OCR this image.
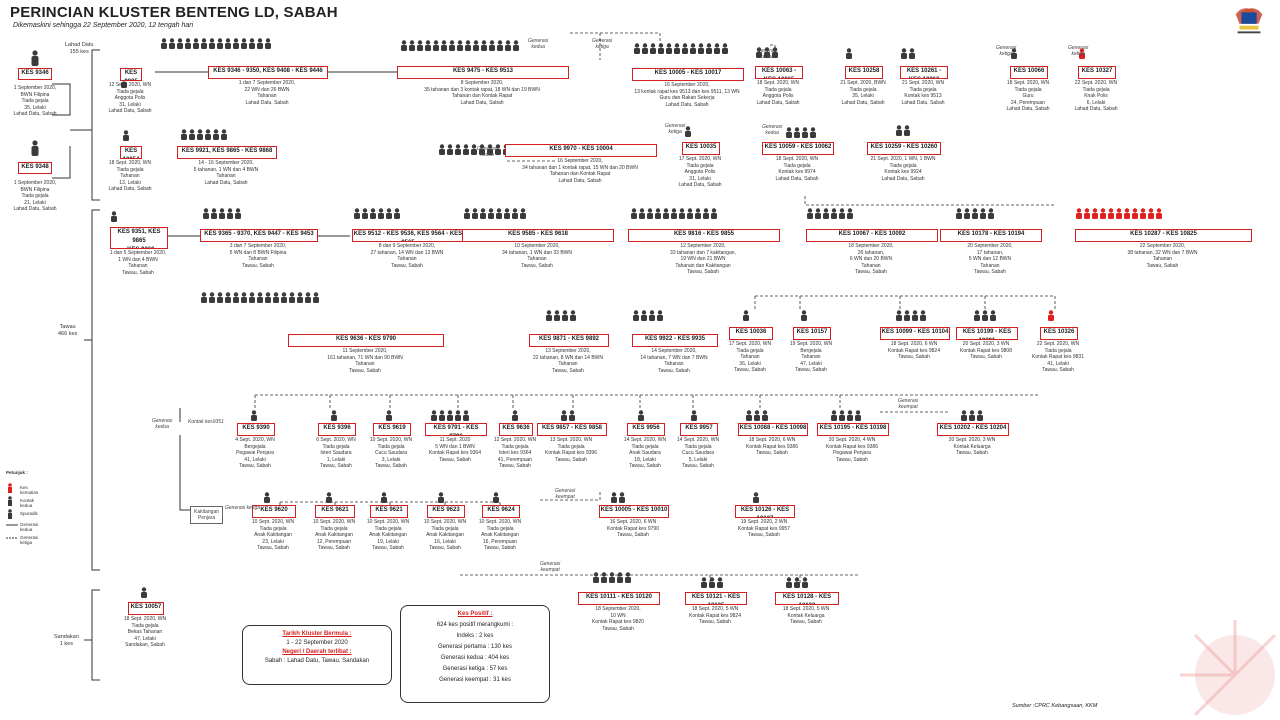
PERINCIAN KLUSTER BENTENG LD, SABAH
Dikemaskini sehingga 22 September 2020, 12 tengah hari
Lahad Datu
155 kes
Tawau
466 kes
Sandakan
1 kes
KES 9346
1 September 2020,
BWN Filipina
Tiada gejala
35, Lelaki
Lahad Datu, Sabah
KES 9348
1 September 2020,
BWN Filipina
Tiada gejala
21, Lelaki
Lahad Datu, Sabah
KES
12 Sept. 2020, WN
Tiada gejala
Anggota Polis
31, Lelaki
Lahad Datu, Sabah
KES 9346 - 9350, KES 9408 - KES 9446
1 dan 7 September 2020,
22 WN dan 26 BWN
Tahanan
Lahad Datu, Sabah
KES 9475 - KES 9513
8 September 2020,
35 tahanan dan 3 kontak rapat, 18 WN dan 19 BWN
Tahanan dan Kontak Rapat
Lahad Datu, Sabah
KES 10005 - KES 10017
16 September 2020,
13 kontak rapat kes 9513 dan kes 9511, 13 WN
Guru dan Rakan Sekerja
Lahad Datu, Sabah
KES 10063 -
18 Sept. 2020, WN
Tiada gejala
Anggota Polis
Lahad Datu, Sabah
KES 10258
21 Sept. 2020, BWN
Tiada gejala
35, Lelaki
Lahad Datu, Sabah
KES 10261 -
21 Sept. 2020, WN
Tiada gejala
Kontak kes 9513
Lahad Datu, Sabah
KES 10066
18 Sept. 2020, WN
Tiada gejala
Guru
24, Perempuan
Lahad Datu, Sabah
KES 10327
22 Sept. 2020, WN
Tiada gejala
Knak Polis
6, Lelaki
Lahad Datu, Sabah
KES
18 Sept. 2020, WN
Tiada gejala
Tahanan
13, Lelaki
Lahad Datu, Sabah
KES 9921, KES 9865 - KES 9868
14 - 16 September 2020,
5 tahanan, 1 WN dan 4 BWN
Tahanan
Lahad Datu, Sabah
KES 9970 - KES 10004
16 September 2020,
34 tahanan dan 1 kontak rapat, 15 WN dan 20 BWN
Tahanan dan Kontak Rapat
Lahad Datu, Sabah
KES 10035
17 Sept. 2020, WN
Tiada gejala
Anggota Polis
31, Lelaki
Lahad Datu, Sabah
KES 10059 - KES 10062
18 Sept. 2020, WN
Tiada gejala
Kontak kes 9974
Lahad Datu, Sabah
KES 10259 - KES 10260
21 Sept. 2020, 1 WN, 1 BWN
Tiada gejala
Kontak kes 9924
Lahad Datu, Sabah
KES 9351, KES 9865

1 dan 5 September 2020,
1 WN dan 4 BWN
Tahanan
Tawau, Sabah
KES 9365 - 9370, KES 9447 - KES 9453
3 dan 7 September 2020,
5 WN dan 8 BWN Filipina
Tahanan
Tawau, Sabah
KES 9512 - KES 9536, KES 9564 - KES
8 dan 9 September 2020,
27 tahanan, 14 WN dan 13 BWN
Tahanan
Tawau, Sabah
KES 9585 - KES 9618
10 September 2020,
34 tahanan, 1 WN dan 33 BWN
Tahanan
Tawau, Sabah
KES 9816 - KES 9855
12 September 2020,
33 tahanan dan 7 kakitangan,
19 WN dan 21 BWN
Tahanan dan Kakitangan
Tawau, Sabah
KES 10067 - KES 10092
18 September 2020,
26 tahanan,
6 WN dan 20 BWN
Tahanan
Tawau, Sabah
KES 10178 - KES 10194
20 September 2020,
17 tahanan,
5 WN dan 12 BWN
Tahanan
Tawau, Sabah
KES 10287 - KES 10825
22 September 2020,
38 tahanan, 32 WN dan 7 BWN
Tahanan
Tawau, Sabah
KES 9636 - KES 9790
11 September 2020,
161 tahanan, 71 WN dan 90 BWN
Tahanan
Tawau, Sabah
KES 9871 - KES 9892
13 September 2020,
22 tahanan, 8 WN dan 14 BWN
Tahanan
Tawau, Sabah
KES 9922 - KES 9935
14 September 2020,
14 tahanan, 7 WN dan 7 BWN
Tahanan
Tawau, Sabah
KES 10036
17 Sept. 2020, WN
Tiada gejala
Tahanan
36, Lelaki
Tawau, Sabah
KES 10157
19 Sept. 2020, WN
Bergejala
Tahanan
47, Lelaki
Tawau, Sabah
KES 10099 - KES 10104
18 Sept. 2020, 6 WN
Kontak Rapat kes 9824
Tawau, Sabah
KES 10199 - KES
20 Sept. 2020, 3 WN
Kontak Rapat kes 9808
Tawau, Sabah
KES 10326
22 Sept. 2020, WN
Tiada gejala
Kontak Rapat kes 9831
41, Lelaki
Tawau, Sabah
KES 9390
4 Sept. 2020, WN
Bergejala
Pegawai Penjara
41, Lelaki
Tawau, Sabah
KES 9396
6 Sept. 2020, WN
Tiada gejala
Isteri Saudara
1, Lelaki
Tawau, Sabah
KES 9619
10 Sept. 2020, WN
Tiada gejala
Cucu Saudara
3, Lelaki
Tawau, Sabah
KES 9791 - KES
11 Sept. 2020
5 WN dan 1 BWN
Kontak Rapat kes 9364
Tawau, Sabah
KES 9636
12 Sept. 2020, WN
Tiada gejala
Isteri kes 9364
41, Perempuan
Tawau, Sabah
KES 9857 - KES 9858
13 Sept. 2020, WN
Tiada gejala
Kontak Rapat kes 9396
Tawau, Sabah
KES 9956
14 Sept. 2020, WN
Tiada gejala
Anak Saudara
18, Lelaki
Tawau, Sabah
KES 9957
14 Sept. 2020, WN
Tiada gejala
Cucu Saudara
5, Lelaki
Tawau, Sabah
KES 10088 - KES 10098
18 Sept. 2020, 6 WN
Kontak Rapat kes 9386
Tawau, Sabah
KES 10195 - KES 10198
20 Sept. 2020, 4 WN
Kontak Rapat kes 9386
Pegawai Penjara
Tawau, Sabah
KES 10202 - KES 10204
20 Sept. 2020, 3 WN
Kontak Keluarga
Tawau, Sabah
KES 9620
10 Sept. 2020, WN
Tiada gejala
Anak Kakitangan
23, Lelaki
Tawau, Sabah
KES 9621
10 Sept. 2020, WN
Tiada gejala
Anak Kakitangan
12, Perempuan
Tawau, Sabah
KES 9621
10 Sept. 2020, WN
Tiada gejala
Anak Kakitangan
19, Lelaki
Tawau, Sabah
KES 9623
10 Sept. 2020, WN
Tiada gejala
Anak Kakitangan
16, Lelaki
Tawau, Sabah
KES 9624
10 Sept. 2020, WN
Tiada gejala
Anak Kakitangan
16, Perempuan
Tawau, Sabah
KES 10005 - KES 10010
16 Sept. 2020, 6 WN
Kontak Rapat kes 9790
Tawau, Sabah
KES 10126 - KES
19 Sept. 2020, 2 WN
Kontak Rapat kes 9957
Tawau, Sabah
KES 10057
18 Sept. 2020, WN
Tiada gejala
Bekas Tahanan
47, Lelaki
Sandakan, Sabah
KES 10111 - KES 10120
18 September 2020,
10 WN
Kontak Rapat kes 9820
Tawau, Sabah
KES 10121 - KES
18 Sept. 2020, 5 WN
Kontak Rapat kes 9824
Tawau, Sabah
KES 10128 - KES
18 Sept. 2020, 5 WN
Kontak Keluarga
Tawau, Sabah
Generasi
kedua
Generasi
ketiga
Generasi
kedua
Generasi
ketiga
Generasi
ketiga
Generasi
kedua
Generasi
ketiga
Generasi
kedua
Generasi
kedua
Kontak kes9351
Generasi ketiga
Generasi
keempat
Generasi
keempat
Generasi
keempat
Kakitangan
Penjara
Petunjuk :
Kes kematian
Kontak kedua
Sporadik
Generasi kedua
Generasi ketiga
Tarikh Kluster Bermula :
1 - 22 September 2020
Negeri / Daerah terlibat :
Sabah : Lahad Datu, Tawau, Sandakan
Kes Positif :
624 kes positif merangkumi :
Indeks : 2 kes
Generasi pertama : 130 kes
Generasi kedua : 404 kes
Generasi ketiga : 57 kes
Generasi keempat : 31 kes
Sumber :CPRC Kebangsaan, KKM
